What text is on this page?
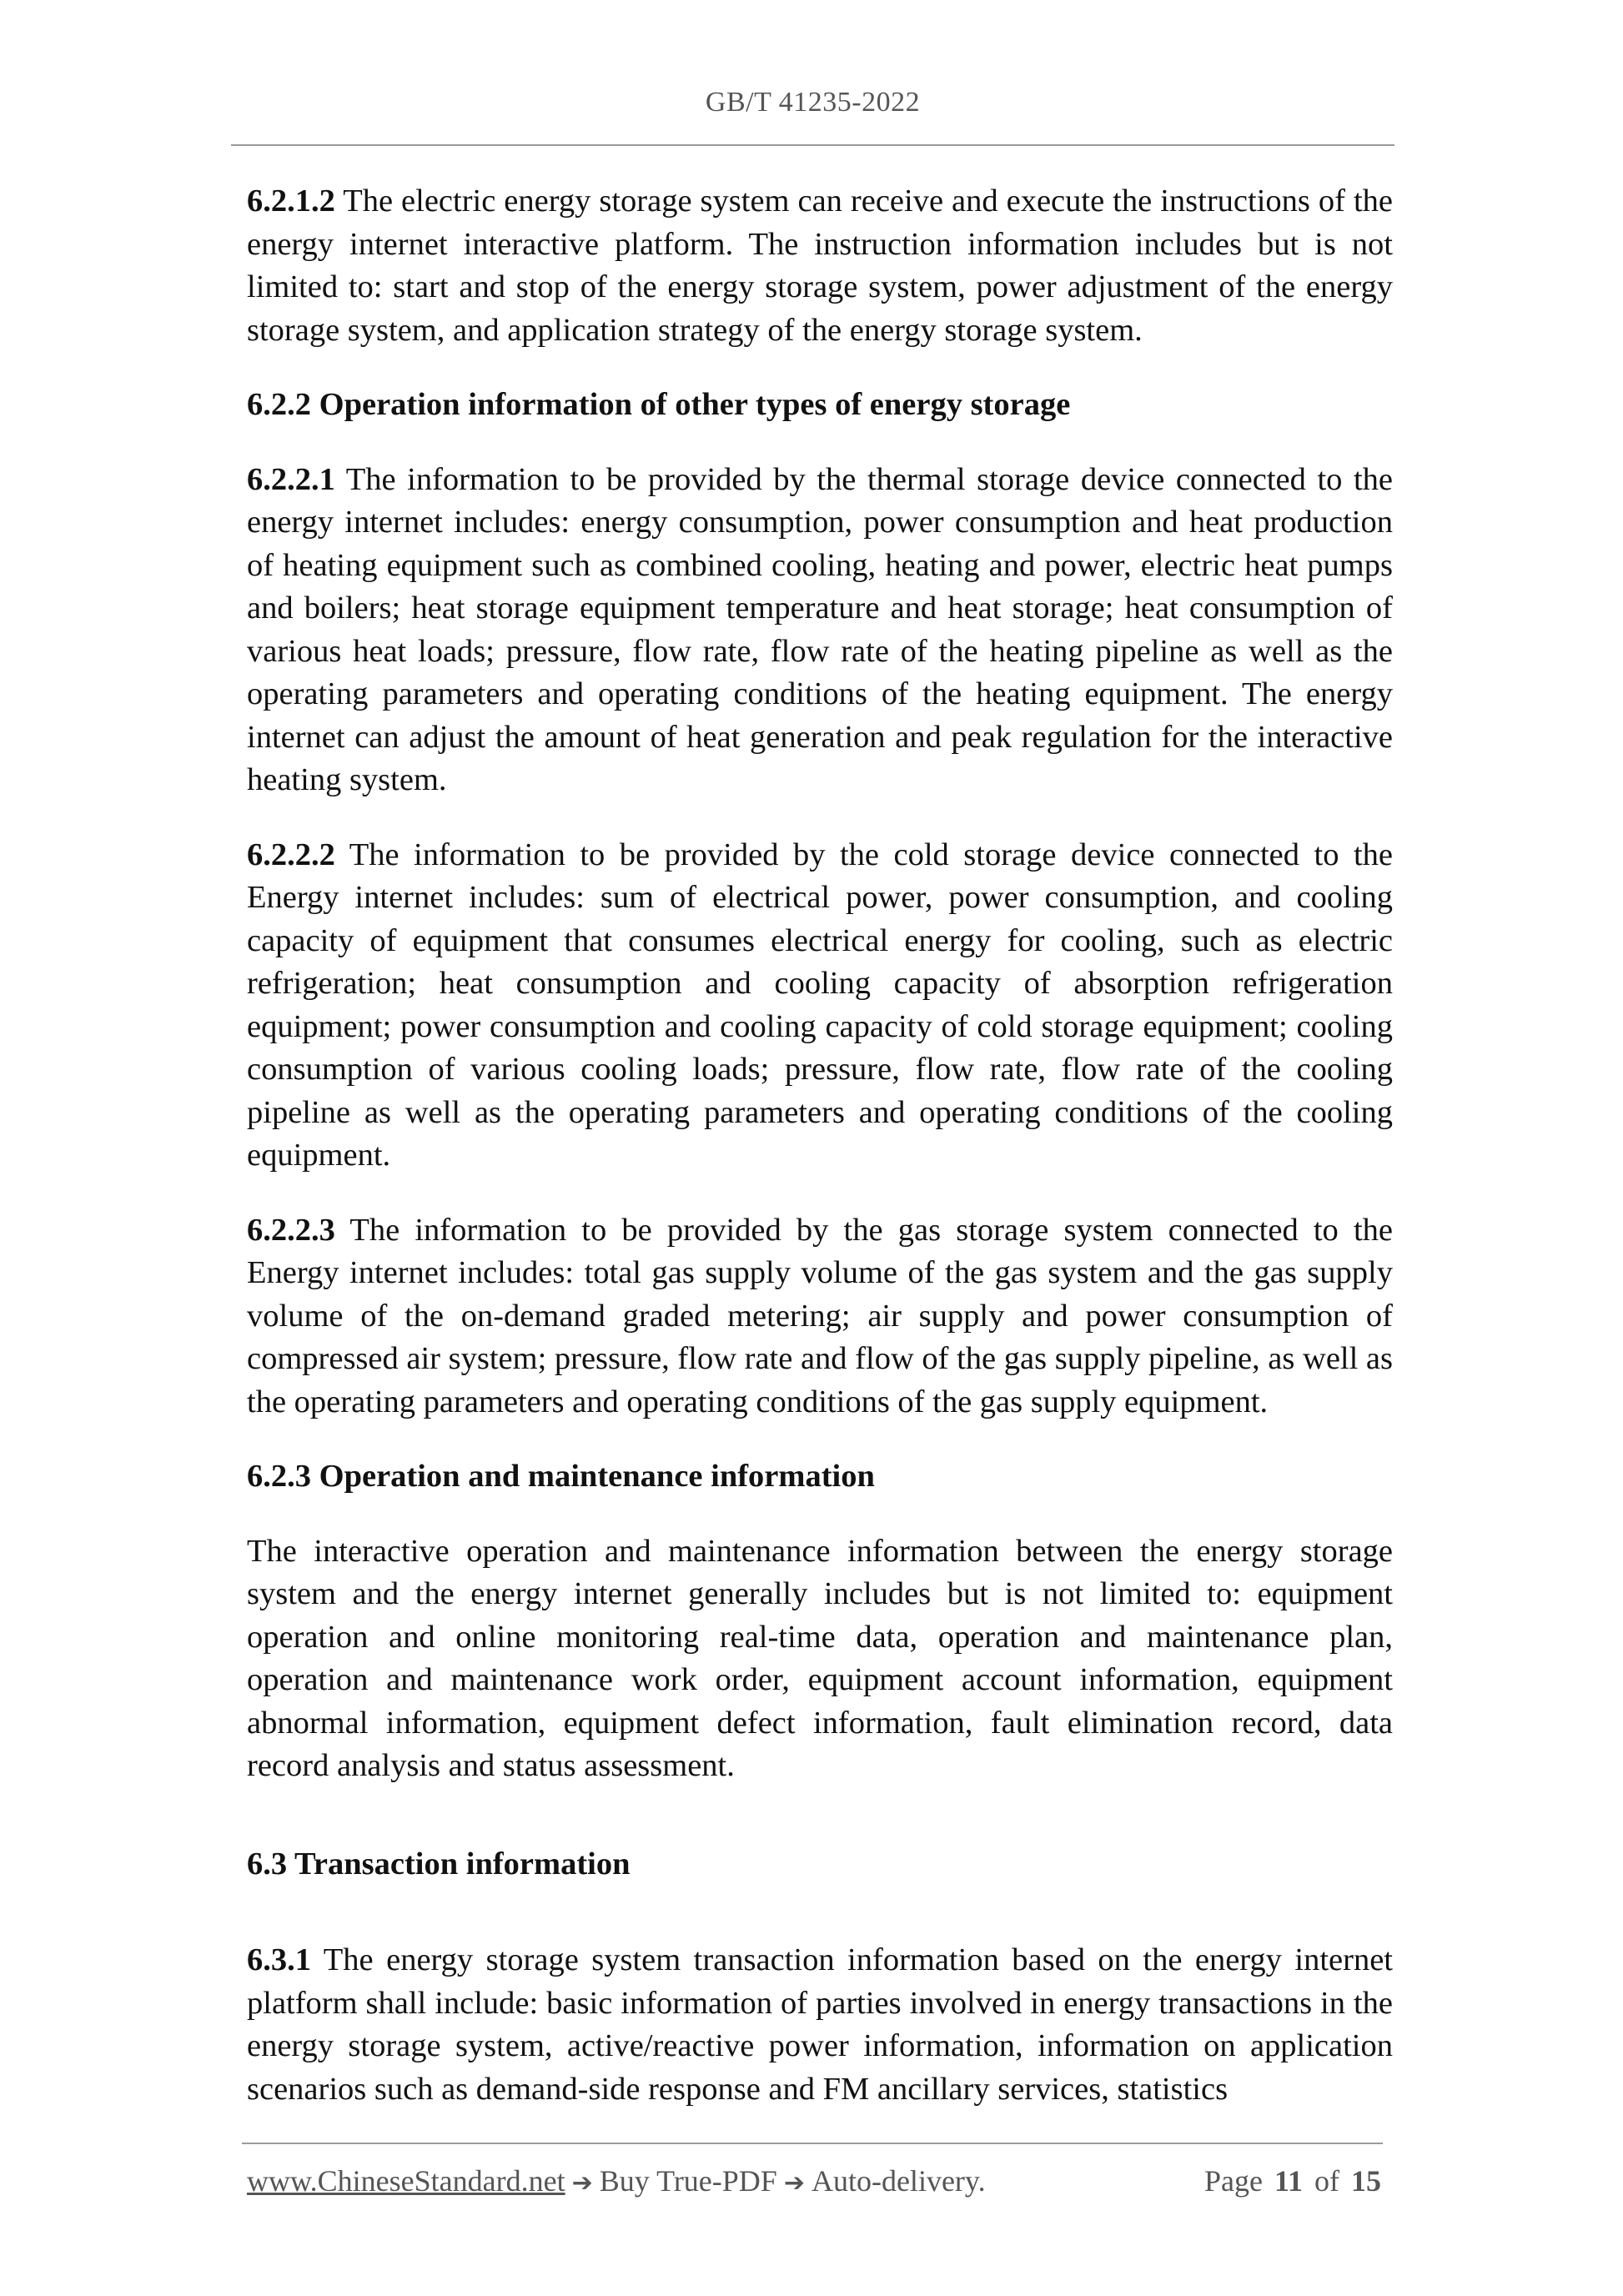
GB/T 41235-2022

6.2.1.2 The electric energy storage system can receive and execute the instructions of the energy internet interactive platform. The instruction information includes but is not limited to: start and stop of the energy storage system, power adjustment of the energy storage system, and application strategy of the energy storage system.

6.2.2 Operation information of other types of energy storage

6.2.2.1 The information to be provided by the thermal storage device connected to the energy internet includes: energy consumption, power consumption and heat production of heating equipment such as combined cooling, heating and power, electric heat pumps and boilers; heat storage equipment temperature and heat storage; heat consumption of various heat loads; pressure, flow rate, flow rate of the heating pipeline as well as the operating parameters and operating conditions of the heating equipment. The energy internet can adjust the amount of heat generation and peak regulation for the interactive heating system.

6.2.2.2 The information to be provided by the cold storage device connected to the Energy internet includes: sum of electrical power, power consumption, and cooling capacity of equipment that consumes electrical energy for cooling, such as electric refrigeration; heat consumption and cooling capacity of absorption refrigeration equipment; power consumption and cooling capacity of cold storage equipment; cooling consumption of various cooling loads; pressure, flow rate, flow rate of the cooling pipeline as well as the operating parameters and operating conditions of the cooling equipment.

6.2.2.3 The information to be provided by the gas storage system connected to the Energy internet includes: total gas supply volume of the gas system and the gas supply volume of the on-demand graded metering; air supply and power consumption of compressed air system; pressure, flow rate and flow of the gas supply pipeline, as well as the operating parameters and operating conditions of the gas supply equipment.

6.2.3 Operation and maintenance information

The interactive operation and maintenance information between the energy storage system and the energy internet generally includes but is not limited to: equipment operation and online monitoring real-time data, operation and maintenance plan, operation and maintenance work order, equipment account information, equipment abnormal information, equipment defect information, fault elimination record, data record analysis and status assessment.

6.3 Transaction information

6.3.1 The energy storage system transaction information based on the energy internet platform shall include: basic information of parties involved in energy transactions in the energy storage system, active/reactive power information, information on application scenarios such as demand-side response and FM ancillary services, statistics

www.ChineseStandard.net ➔ Buy True-PDF ➔ Auto-delivery.	Page 11 of 15
